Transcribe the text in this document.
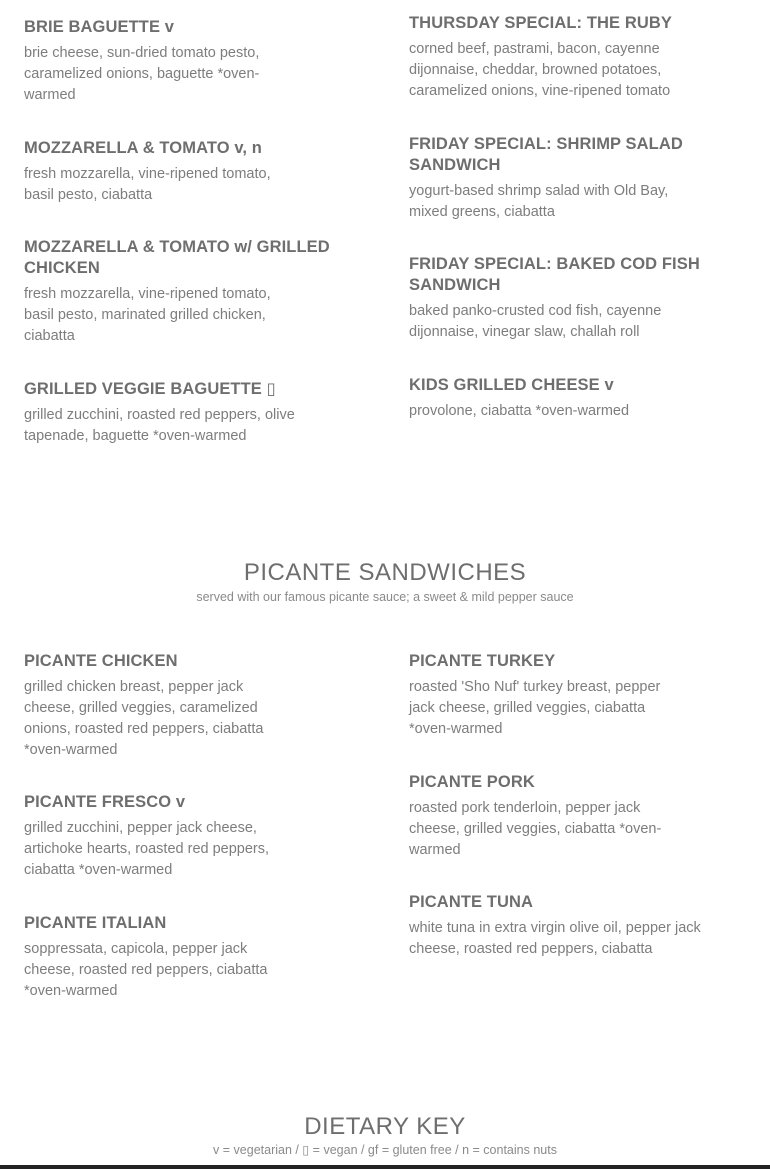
BRIE BAGUETTE v

brie cheese, sun-dried tomato pesto, caramelized onions, baguette *oven-warmed

MOZZARELLA & TOMATO v, n

fresh mozzarella, vine-ripened tomato, basil pesto, ciabatta

MOZZARELLA & TOMATO w/ GRILLED CHICKEN

fresh mozzarella, vine-ripened tomato, basil pesto, marinated grilled chicken, ciabatta

GRILLED VEGGIE BAGUETTE ▯

grilled zucchini, roasted red peppers, olive tapenade, baguette *oven-warmed

THURSDAY SPECIAL: THE RUBY

corned beef, pastrami, bacon, cayenne dijonnaise, cheddar, browned potatoes, caramelized onions, vine-ripened tomato

FRIDAY SPECIAL: SHRIMP SALAD SANDWICH

yogurt-based shrimp salad with Old Bay, mixed greens, ciabatta

FRIDAY SPECIAL: BAKED COD FISH SANDWICH

baked panko-crusted cod fish, cayenne dijonnaise, vinegar slaw, challah roll

KIDS GRILLED CHEESE v

provolone, ciabatta *oven-warmed

PICANTE SANDWICHES
served with our famous picante sauce; a sweet & mild pepper sauce

PICANTE CHICKEN

grilled chicken breast, pepper jack cheese, grilled veggies, caramelized onions, roasted red peppers, ciabatta *oven-warmed

PICANTE FRESCO v

grilled zucchini, pepper jack cheese, artichoke hearts, roasted red peppers, ciabatta *oven-warmed

PICANTE ITALIAN

soppressata, capicola, pepper jack cheese, roasted red peppers, ciabatta *oven-warmed

PICANTE TURKEY

roasted 'Sho Nuf' turkey breast, pepper jack cheese, grilled veggies, ciabatta *oven-warmed

PICANTE PORK

roasted pork tenderloin, pepper jack cheese, grilled veggies, ciabatta *oven-warmed

PICANTE TUNA

white tuna in extra virgin olive oil, pepper jack cheese, roasted red peppers, ciabatta

DIETARY KEY
v = vegetarian / ▯ = vegan / gf = gluten free / n = contains nuts
